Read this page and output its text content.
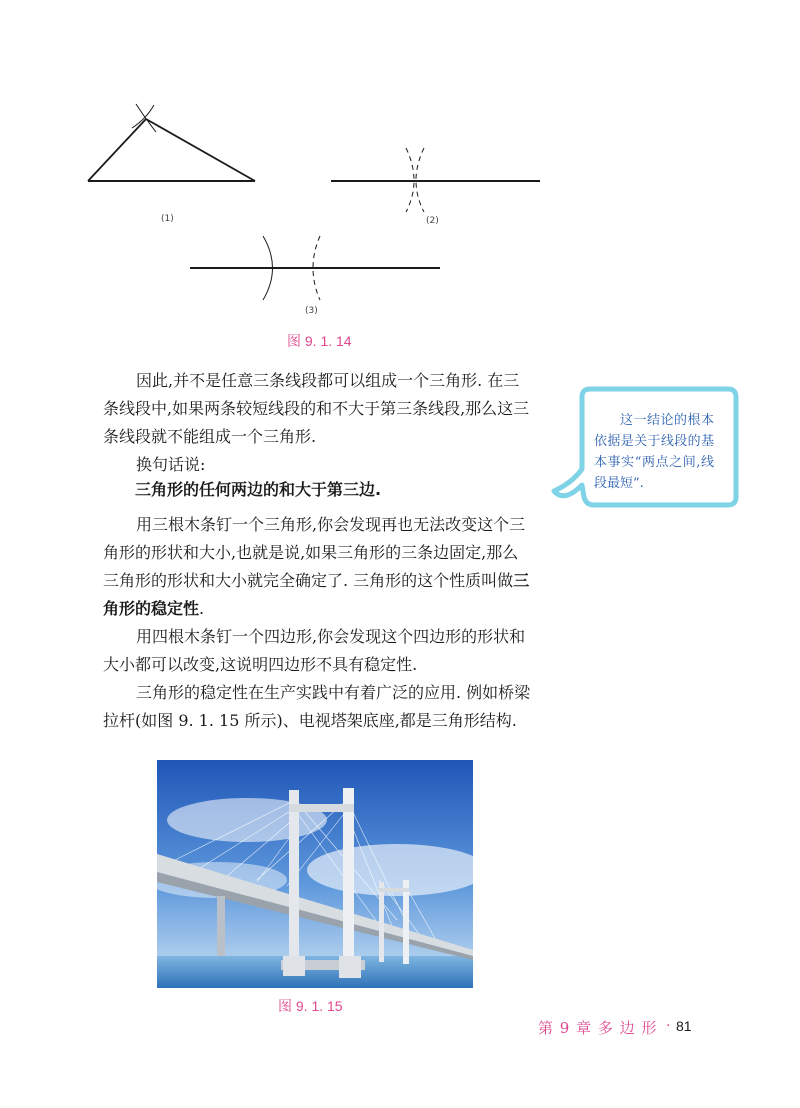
(1)	(2)
(3)
图 9. 1. 14

因此,并不是任意三条线段都可以组成一个三角形. 在三条线段中,如果两条较短线段的和不大于第三条线段,那么这三条线段就不能组成一个三角形.

换句话说:

三角形的任何两边的和大于第三边.

用三根木条钉一个三角形,你会发现再也无法改变这个三角形的形状和大小,也就是说,如果三角形的三条边固定,那么三角形的形状和大小就完全确定了. 三角形的这个性质叫做三角形的稳定性.

用四根木条钉一个四边形,你会发现这个四边形的形状和大小都可以改变,这说明四边形不具有稳定性.

三角形的稳定性在生产实践中有着广泛的应用. 例如桥梁拉杆(如图 9. 1. 15 所示)、电视塔架底座,都是三角形结构.

这一结论的根本依据是关于线段的基本事实“两点之间,线段最短”.
图 9. 1. 15
第 9 章 多 边 形 · 81
